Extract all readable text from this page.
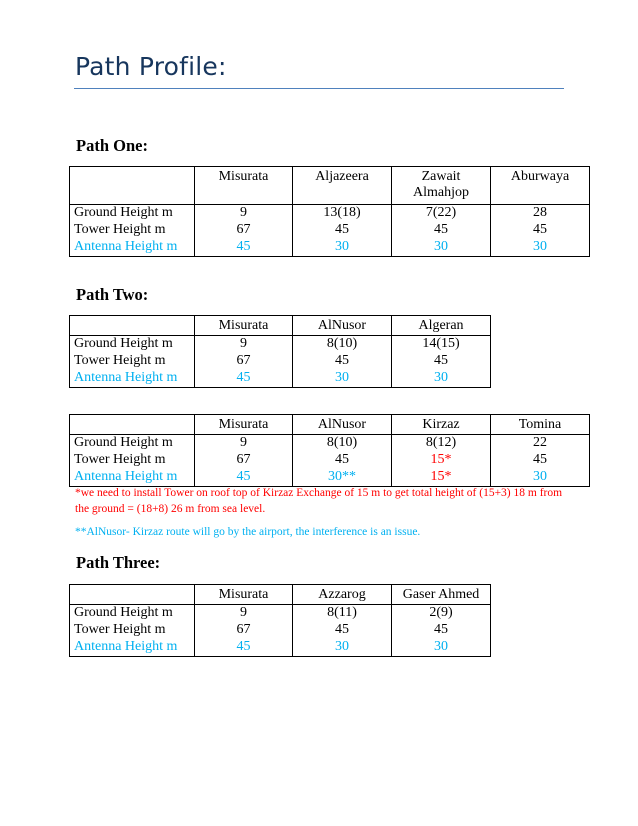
Path Profile:
Path One:
	Misurata	Aljazeera	Zawait Almahjop	Aburwaya
Ground Height m	9	13(18)	7(22)	28
Tower Height m	67	45	45	45
Antenna Height m	45	30	30	30
Path Two:
	Misurata	AlNusor	Algeran
Ground Height m	9	8(10)	14(15)
Tower Height m	67	45	45
Antenna Height m	45	30	30
	Misurata	AlNusor	Kirzaz	Tomina
Ground Height m	9	8(10)	8(12)	22
Tower Height m	67	45	15*	45
Antenna Height m	45	30**	15*	30

*we need to install Tower on roof top of Kirzaz Exchange of 15 m to get total height of (15+3) 18 m from the ground = (18+8) 26 m from sea level.

**AlNusor- Kirzaz route will go by the airport, the interference is an issue.

Path Three:
	Misurata	Azzarog	Gaser Ahmed
Ground Height m	9	8(11)	2(9)
Tower Height m	67	45	45
Antenna Height m	45	30	30
